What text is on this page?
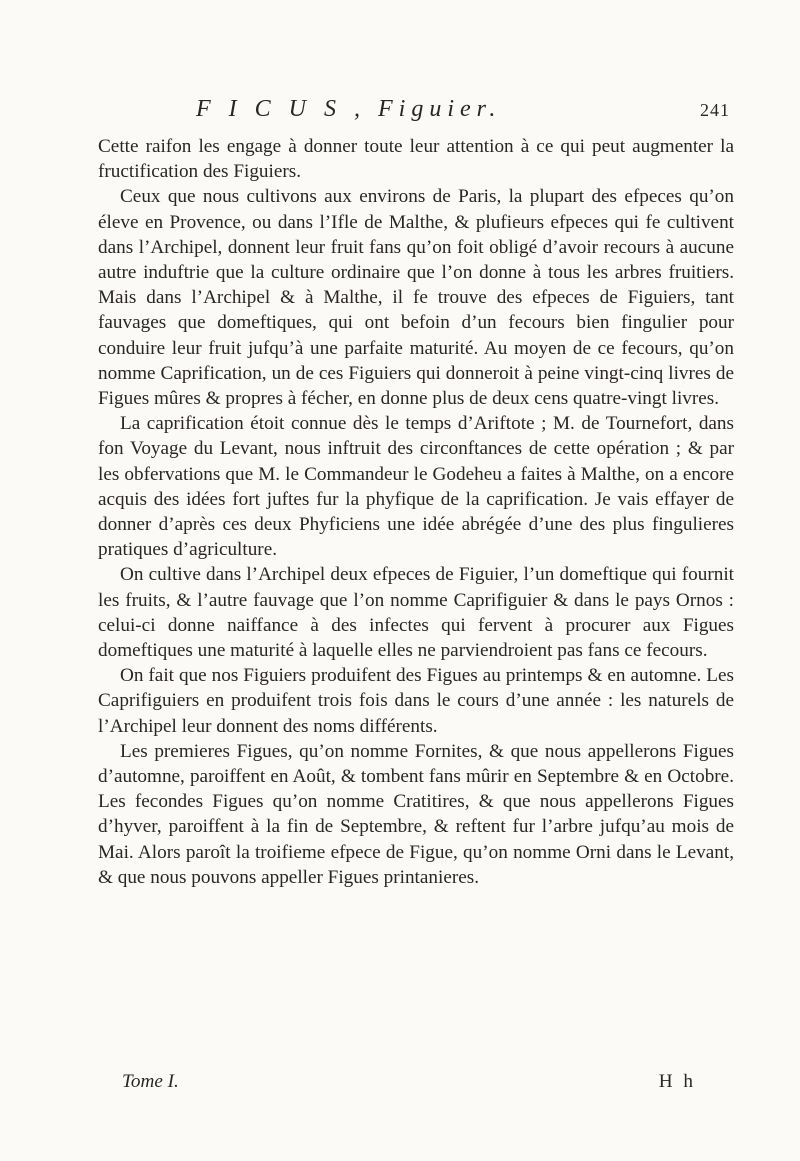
F I C U S , Figuier.	241

Cette raifon les engage à donner toute leur attention à ce qui peut augmenter la fructification des Figuiers.

Ceux que nous cultivons aux environs de Paris, la plupart des efpeces qu’on éleve en Provence, ou dans l’Ifle de Malthe, & plufieurs efpeces qui fe cultivent dans l’Archipel, donnent leur fruit fans qu’on foit obligé d’avoir recours à aucune autre induftrie que la culture ordinaire que l’on donne à tous les arbres fruitiers. Mais dans l’Archipel & à Malthe, il fe trouve des efpeces de Figuiers, tant fauvages que domeftiques, qui ont befoin d’un fecours bien fingulier pour conduire leur fruit jufqu’à une parfaite maturité. Au moyen de ce fecours, qu’on nomme Caprification, un de ces Figuiers qui donneroit à peine vingt-cinq livres de Figues mûres & propres à fécher, en donne plus de deux cens quatre-vingt livres.

La caprification étoit connue dès le temps d’Ariftote ; M. de Tournefort, dans fon Voyage du Levant, nous inftruit des circonftances de cette opération ; & par les obfervations que M. le Commandeur le Godeheu a faites à Malthe, on a encore acquis des idées fort juftes fur la phyfique de la caprification. Je vais effayer de donner d’après ces deux Phyficiens une idée abrégée d’une des plus fingulieres pratiques d’agriculture.

On cultive dans l’Archipel deux efpeces de Figuier, l’un domeftique qui fournit les fruits, & l’autre fauvage que l’on nomme Caprifiguier & dans le pays Ornos : celui-ci donne naiffance à des infectes qui fervent à procurer aux Figues domeftiques une maturité à laquelle elles ne parviendroient pas fans ce fecours.

On fait que nos Figuiers produifent des Figues au printemps & en automne. Les Caprifiguiers en produifent trois fois dans le cours d’une année : les naturels de l’Archipel leur donnent des noms différents.

Les premieres Figues, qu’on nomme Fornites, & que nous appellerons Figues d’automne, paroiffent en Août, & tombent fans mûrir en Septembre & en Octobre. Les fecondes Figues qu’on nomme Cratitires, & que nous appellerons Figues d’hyver, paroiffent à la fin de Septembre, & reftent fur l’arbre jufqu’au mois de Mai. Alors paroît la troifieme efpece de Figue, qu’on nomme Orni dans le Levant, & que nous pouvons appeller Figues printanieres.

Tome I.	H h
